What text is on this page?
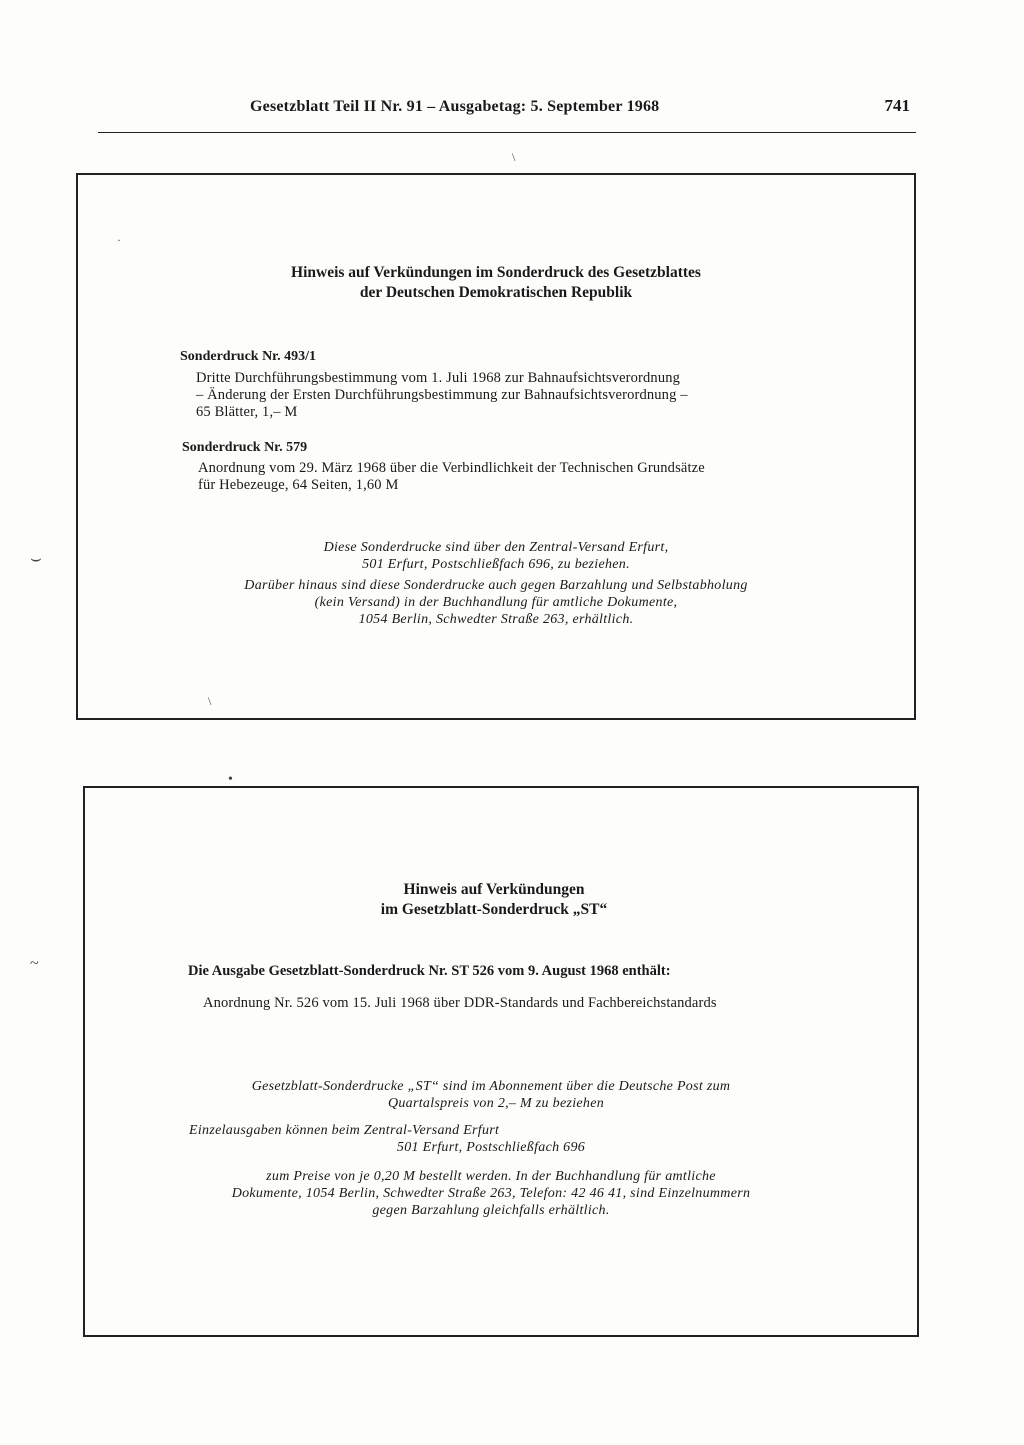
Gesetzblatt Teil II Nr. 91 – Ausgabetag: 5. September 1968	741
Hinweis auf Verkündungen im Sonderdruck des Gesetzblattes
der Deutschen Demokratischen Republik
Sonderdruck Nr. 493/1
Dritte Durchführungsbestimmung vom 1. Juli 1968 zur Bahnaufsichtsverordnung
– Änderung der Ersten Durchführungsbestimmung zur Bahnaufsichtsverordnung –
65 Blätter, 1,– M
Sonderdruck Nr. 579
Anordnung vom 29. März 1968 über die Verbindlichkeit der Technischen Grundsätze
für Hebezeuge, 64 Seiten, 1,60 M
Diese Sonderdrucke sind über den Zentral-Versand Erfurt,
501 Erfurt, Postschließfach 696, zu beziehen.
Darüber hinaus sind diese Sonderdrucke auch gegen Barzahlung und Selbstabholung
(kein Versand) in der Buchhandlung für amtliche Dokumente,
1054 Berlin, Schwedter Straße 263, erhältlich.
Hinweis auf Verkündungen
im Gesetzblatt-Sonderdruck „ST“
Die Ausgabe Gesetzblatt-Sonderdruck Nr. ST 526 vom 9. August 1968 enthält:
Anordnung Nr. 526 vom 15. Juli 1968 über DDR-Standards und Fachbereichstandards
Gesetzblatt-Sonderdrucke „ST“ sind im Abonnement über die Deutsche Post zum
Quartalspreis von 2,– M zu beziehen
Einzelausgaben können beim Zentral-Versand Erfurt
501 Erfurt, Postschließfach 696
zum Preise von je 0,20 M bestellt werden. In der Buchhandlung für amtliche
Dokumente, 1054 Berlin, Schwedter Straße 263, Telefon: 42 46 41, sind Einzelnummern
gegen Barzahlung gleichfalls erhältlich.
·
•
⌣
~
\
\
